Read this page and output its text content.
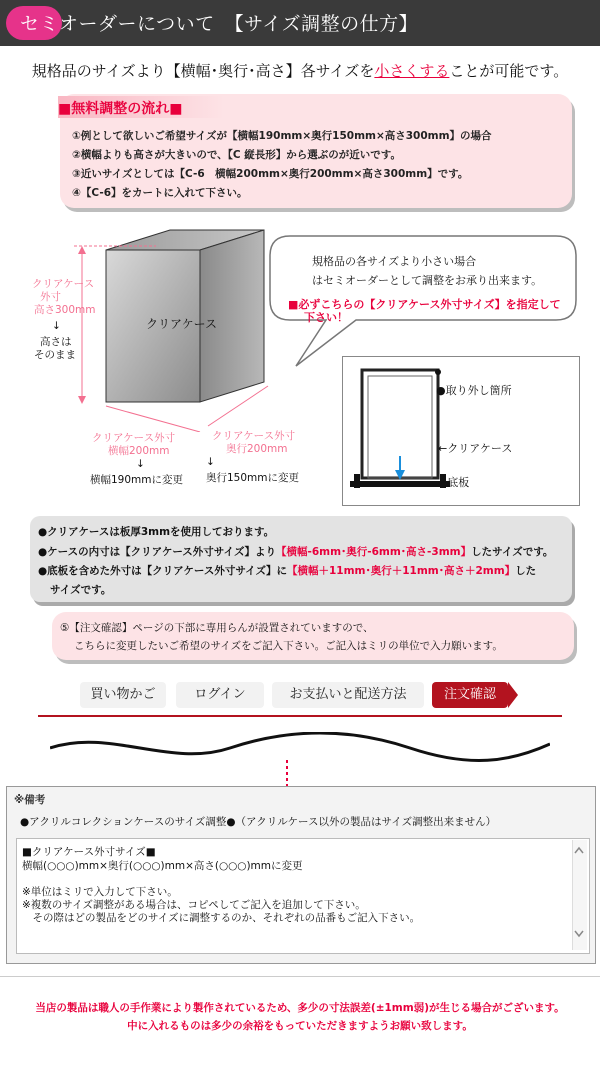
セミオーダーについて　【サイズ調整の仕方】
規格品のサイズより【横幅･奥行･高さ】各サイズを小さくすることが可能です。
■無料調整の流れ■
①例として欲しいご希望サイズが【横幅190mm×奥行150mm×高さ300mm】の場合
②横幅よりも高さが大きいので、【C 縦長形】から選ぶのが近いです。
③近いサイズとしては【C-6　横幅200mm×奥行200mm×高さ300mm】です。
④【C-6】をカートに入れて下さい。
クリアケース
クリアケース
外寸
高さ300mm
↓
高さは
そのまま
クリアケース外寸
横幅200mm
↓
横幅190mmに変更
クリアケース外寸
奥行200mm
↓
奥行150mmに変更
規格品の各サイズより小さい場合
はセミオーダーとして調整をお承り出来ます。
■必ずこちらの【クリアケース外寸サイズ】を指定して
下さい！
●取り外し箇所
←クリアケース
←底板
●クリアケースは板厚3mmを使用しております。
●ケースの内寸は【クリアケース外寸サイズ】より【横幅-6mm･奥行-6mm･高さ-3mm】したサイズです。
●底板を含めた外寸は【クリアケース外寸サイズ】に【横幅＋11mm･奥行＋11mm･高さ＋2mm】した
サイズです。
⑤【注文確認】ページの下部に専用らんが設置されていますので、
こちらに変更したいご希望のサイズをご記入下さい。ご記入はミリの単位で入力願います。
買い物かご	ログイン	お支払いと配送方法	注文確認
※備考
●アクリルコレクションケースのサイズ調整●（アクリルケース以外の製品はサイズ調整出来ません）
■クリアケース外寸サイズ■
横幅(○○○)mm×奥行(○○○)mm×高さ(○○○)mmに変更
※単位はミリで入力して下さい。
※複数のサイズ調整がある場合は、コピペしてご記入を追加して下さい。
　その際はどの製品をどのサイズに調整するのか、それぞれの品番もご記入下さい。
当店の製品は職人の手作業により製作されているため、多少の寸法誤差(±1mm弱)が生じる場合がございます。
中に入れるものは多少の余裕をもっていただきますようお願い致します。
